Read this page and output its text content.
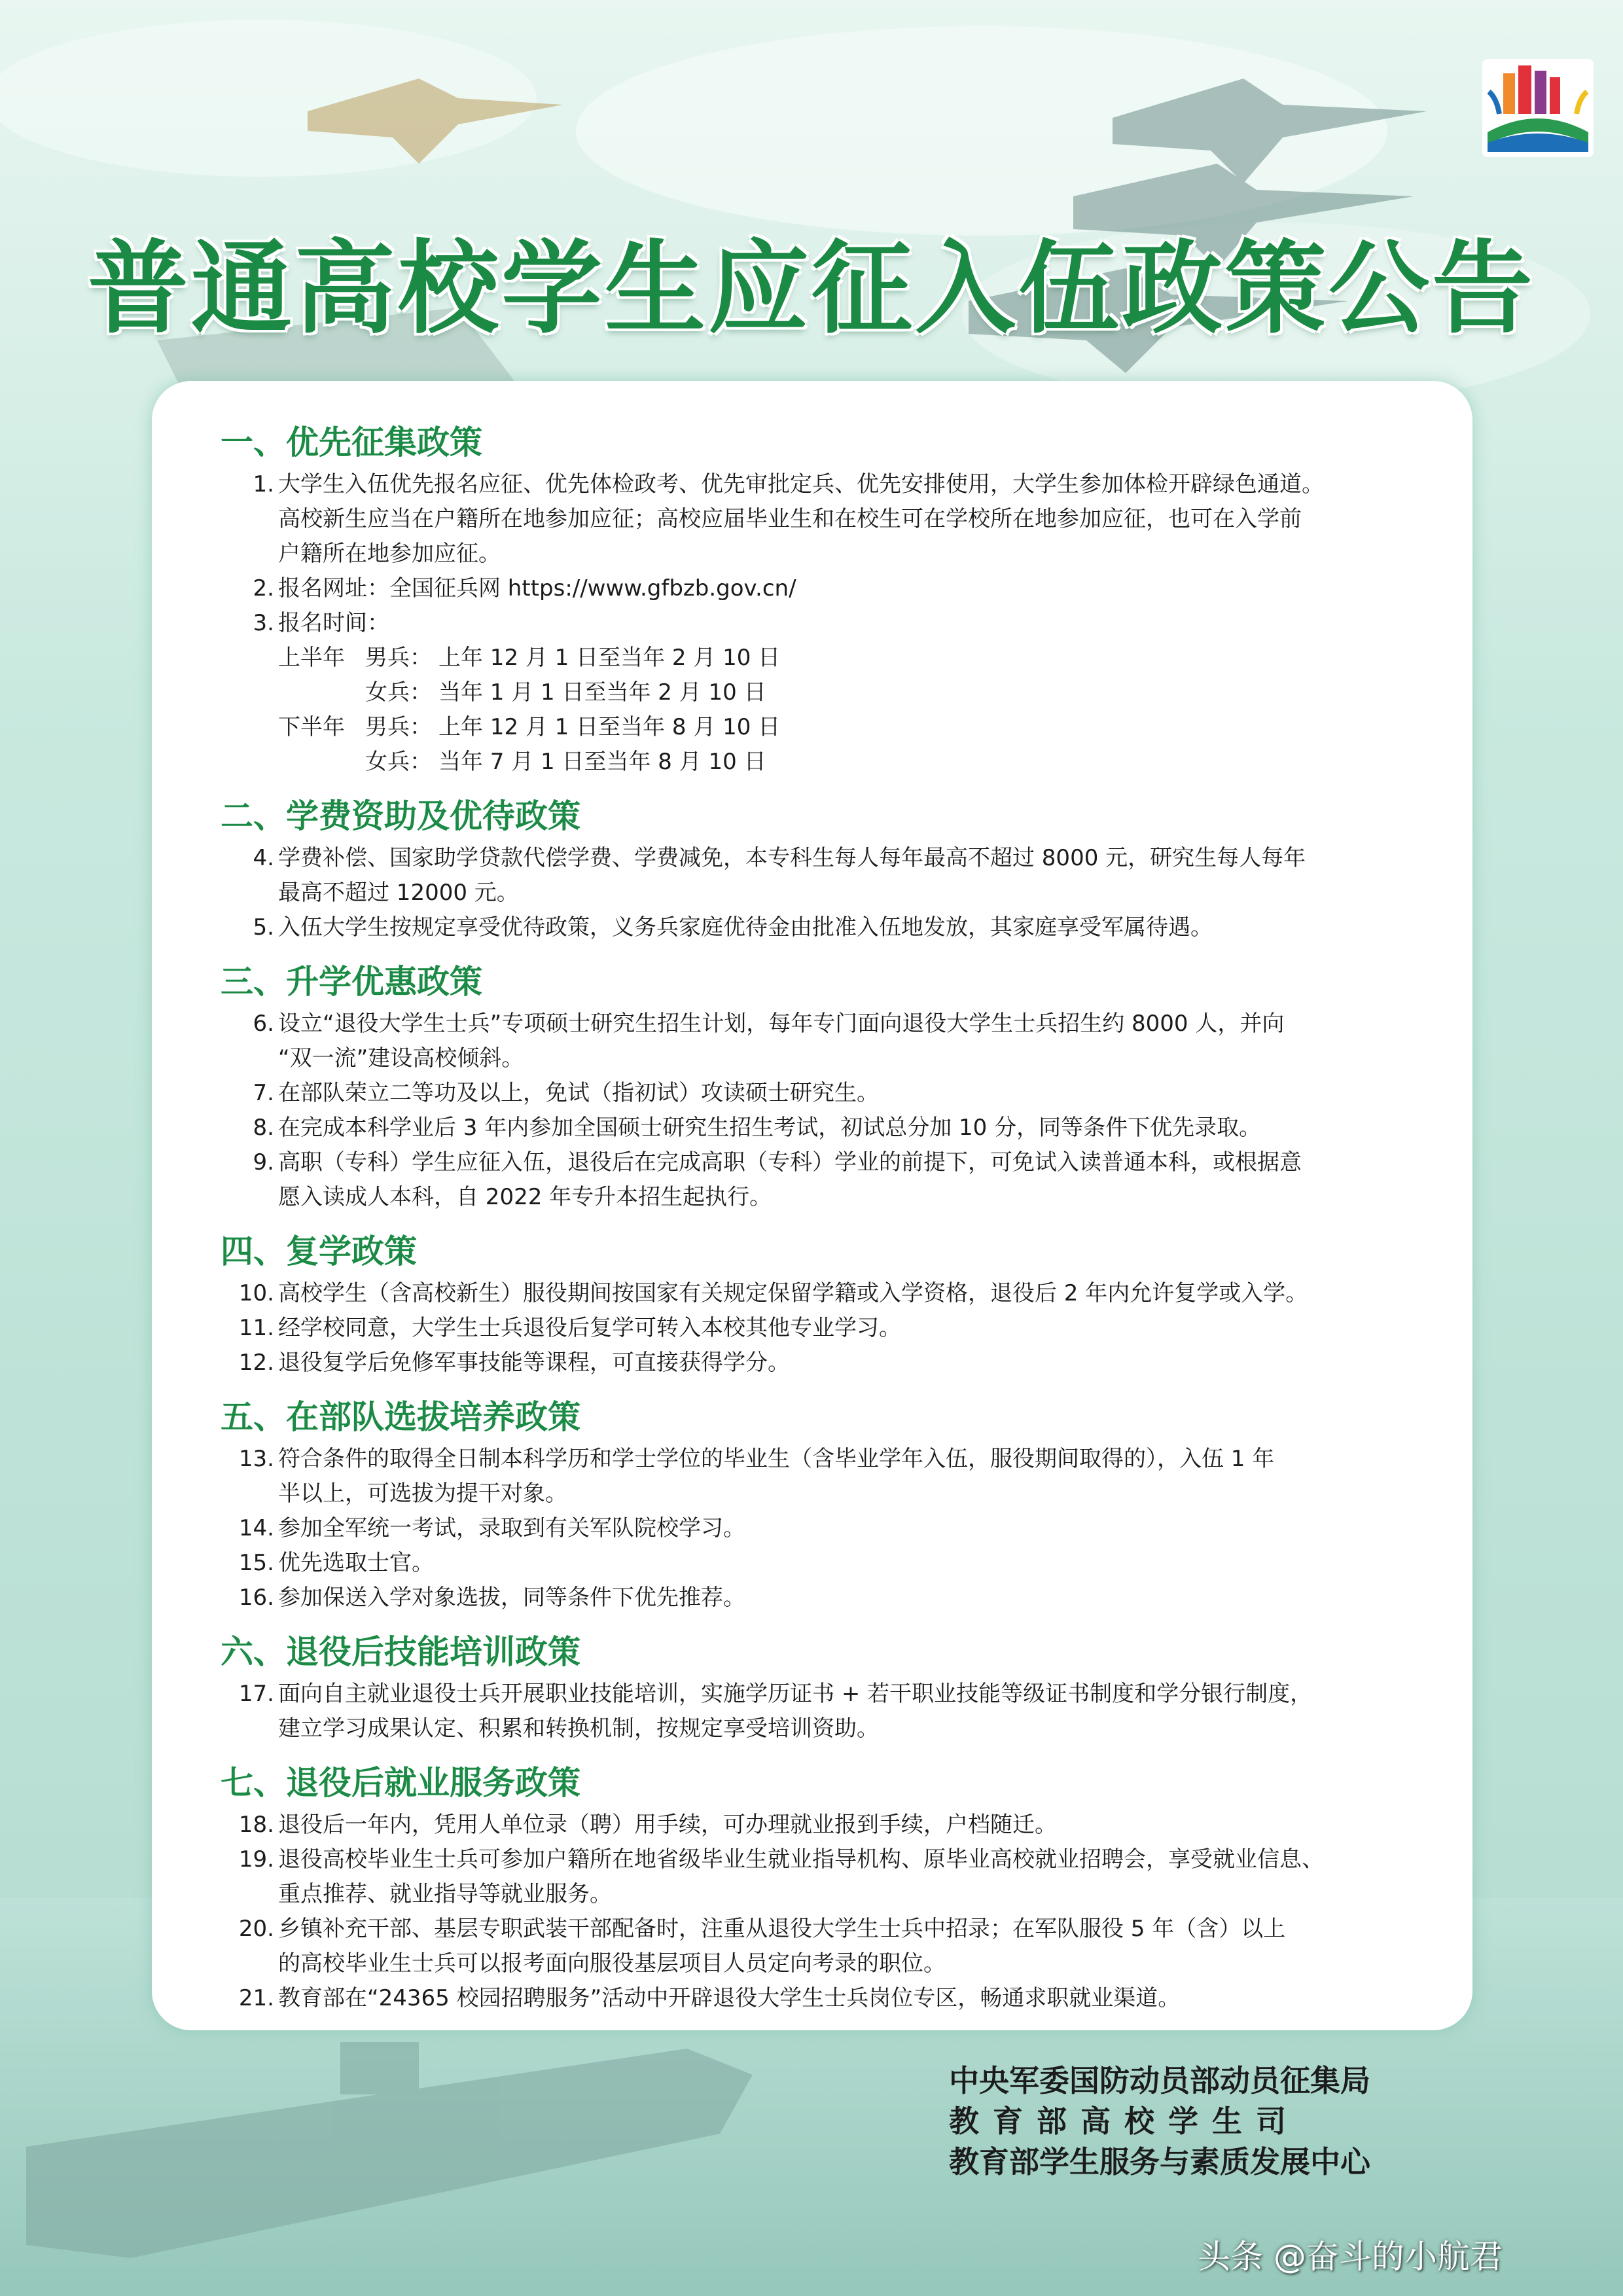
普通高校学生应征入伍政策公告
一、优先征集政策
1. 大学生入伍优先报名应征、优先体检政考、优先审批定兵、优先安排使用，大学生参加体检开辟绿色通道。
高校新生应当在户籍所在地参加应征；高校应届毕业生和在校生可在学校所在地参加应征，也可在入学前
户籍所在地参加应征。
2. 报名网址：全国征兵网 https://www.gfbzb.gov.cn/
3. 报名时间：
上半年 男兵： 上年 12 月 1 日至当年 2 月 10 日
女兵： 当年 1 月 1 日至当年 2 月 10 日
下半年 男兵： 上年 12 月 1 日至当年 8 月 10 日
女兵： 当年 7 月 1 日至当年 8 月 10 日
二、学费资助及优待政策
4. 学费补偿、国家助学贷款代偿学费、学费减免，本专科生每人每年最高不超过 8000 元，研究生每人每年
最高不超过 12000 元。
5. 入伍大学生按规定享受优待政策，义务兵家庭优待金由批准入伍地发放，其家庭享受军属待遇。
三、升学优惠政策
6. 设立“退役大学生士兵”专项硕士研究生招生计划，每年专门面向退役大学生士兵招生约 8000 人，并向
“双一流”建设高校倾斜。
7. 在部队荣立二等功及以上，免试（指初试）攻读硕士研究生。
8. 在完成本科学业后 3 年内参加全国硕士研究生招生考试，初试总分加 10 分，同等条件下优先录取。
9. 高职（专科）学生应征入伍，退役后在完成高职（专科）学业的前提下，可免试入读普通本科，或根据意
愿入读成人本科，自 2022 年专升本招生起执行。
四、复学政策
10. 高校学生（含高校新生）服役期间按国家有关规定保留学籍或入学资格，退役后 2 年内允许复学或入学。
11. 经学校同意，大学生士兵退役后复学可转入本校其他专业学习。
12. 退役复学后免修军事技能等课程，可直接获得学分。
五、在部队选拔培养政策
13. 符合条件的取得全日制本科学历和学士学位的毕业生（含毕业学年入伍，服役期间取得的），入伍 1 年
半以上，可选拔为提干对象。
14. 参加全军统一考试，录取到有关军队院校学习。
15. 优先选取士官。
16. 参加保送入学对象选拔，同等条件下优先推荐。
六、退役后技能培训政策
17. 面向自主就业退役士兵开展职业技能培训，实施学历证书 + 若干职业技能等级证书制度和学分银行制度，
建立学习成果认定、积累和转换机制，按规定享受培训资助。
七、退役后就业服务政策
18. 退役后一年内，凭用人单位录（聘）用手续，可办理就业报到手续，户档随迁。
19. 退役高校毕业生士兵可参加户籍所在地省级毕业生就业指导机构、原毕业高校就业招聘会，享受就业信息、
重点推荐、就业指导等就业服务。
20. 乡镇补充干部、基层专职武装干部配备时，注重从退役大学生士兵中招录；在军队服役 5 年（含）以上
的高校毕业生士兵可以报考面向服役基层项目人员定向考录的职位。
21. 教育部在“24365 校园招聘服务”活动中开辟退役大学生士兵岗位专区，畅通求职就业渠道。
中央军委国防动员部动员征集局
教育部高校学生司
教育部学生服务与素质发展中心
头条 @奋斗的小航君
